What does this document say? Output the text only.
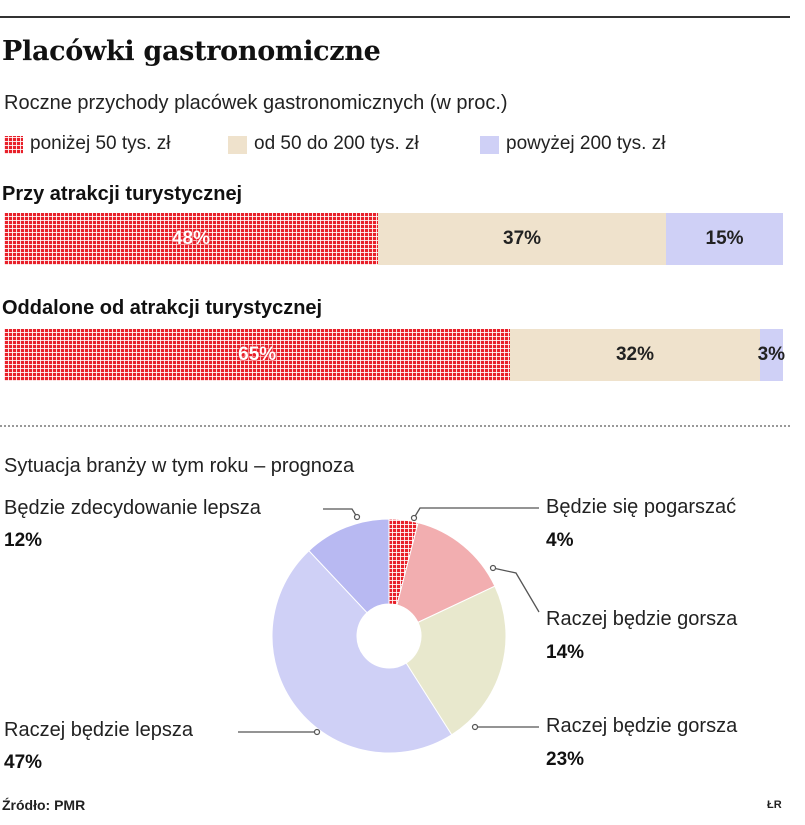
Placówki gastronomiczne
Roczne przychody placówek gastronomicznych (w proc.)
poniżej 50 tys. zł	od 50 do 200 tys. zł	powyżej 200 tys. zł
Przy atrakcji turystycznej
48%	37%	15%
Oddalone od atrakcji turystycznej
65%	32%	3%
Sytuacja branży w tym roku – prognoza
Będzie się pogarszać
4%
Raczej będzie gorsza
14%
Raczej będzie gorsza
23%
Raczej będzie lepsza
47%
Będzie zdecydowanie lepsza
12%
Źródło: PMR	ŁR
